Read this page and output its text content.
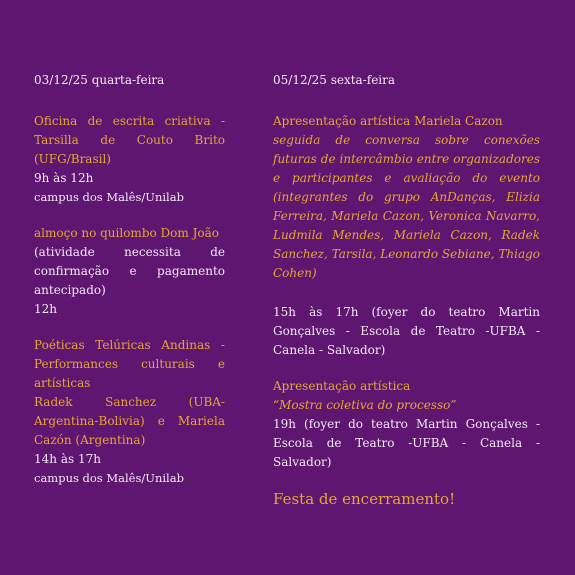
03/12/25 quarta-feira

Oficina de escrita criativa - Tarsilla de Couto Brito (UFG/Brasil)

9h às 12h

campus dos Malês/Unilab

almoço no quilombo Dom João

(atividade necessita de confirmação e pagamento antecipado)

12h

Poéticas Telúricas Andinas - Performances culturais e artísticas

Radek Sanchez (UBA-Argentina-Bolivia) e Mariela Cazón (Argentina)

14h às 17h

campus dos Malês/Unilab

05/12/25 sexta-feira

Apresentação artística Mariela Cazon

seguida de conversa sobre conexões futuras de intercâmbio entre organizadores e participantes e avaliação do evento (integrantes do grupo AnDanças, Elizia Ferreira, Mariela Cazon, Veronica Navarro, Ludmila Mendes, Mariela Cazon, Radek Sanchez, Tarsila, Leonardo Sebiane, Thiago Cohen)

15h às 17h (foyer do teatro Martin Gonçalves - Escola de Teatro -UFBA - Canela - Salvador)

Apresentação artística

“Mostra coletiva do processo”

19h (foyer do teatro Martin Gonçalves - Escola de Teatro -UFBA - Canela - Salvador)

Festa de encerramento!
